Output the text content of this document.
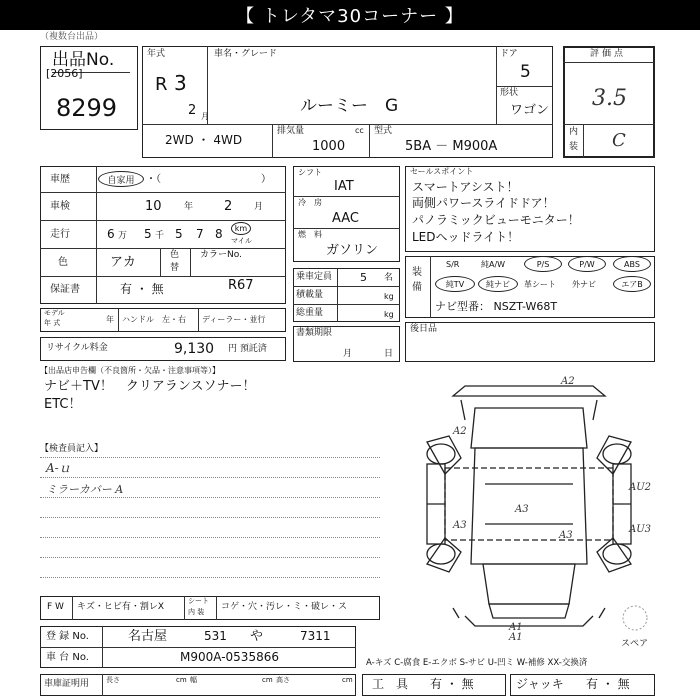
【 トレタマ30コーナー 】
（複数台出品）
出品No.
[2056]
8299
年式
R 3
2 月
車名・グレード
ルーミー　G
ドア
5
形状
ワゴン
2WD ・ 4WD
排気量	cc
1000
型式
5BA － M900A
評価点
3.5
内
装 C
車歴	自家用 ・（　　　　　　　　　　）
車検	10 年 2 月
走行	6 万 5 千 5 7 8 km
マイル
色	アカ	色
替
カラーNo.
保証書	有 ・ 無	R67
モデル
年 式	年 ハンドル　左・右 ディーラー・並行
リサイクル料金	9,130 円 預託済
シフト
IAT
冷　房
AAC
燃　料
ガソリン
乗車定員	5 名
積載量	kg
総重量	kg
書類期限
月	日
セールスポイント
スマートアシスト！
両側パワースライドドア！
パノラミックビューモニター！
LEDヘッドライト！
装
備
S/R	純A/W	P/S	P/W	ABS
純TV	純ナビ 革シート 外ナビ	エアB
ナビ型番： NSZT-W68T
後日品
【出品店申告欄（不良箇所・欠品・注意事項等）】
ナビ＋TV！　クリアランスソナー！
ETC！
【検査員記入】
A-ｕ
ミラーカバー A
A2
A2
A3
A3
A3
A1
A1
AU2
AU3
スペア
F W キズ・ヒビ有・割レX
シート
内 装 コゲ・穴・汚レ・ミ・破レ・ス
登 録 No.	名古屋	531 や	7311
車 台 No.	M900A-0535866	A-キズ C-腐食 E-エクボ S-サビ U-凹ミ W-補修 XX-交換済
車庫証明用 長さ	cm 幅	cm 高さ	cm 工　具 有 ・ 無	ジャッキ 有 ・ 無
